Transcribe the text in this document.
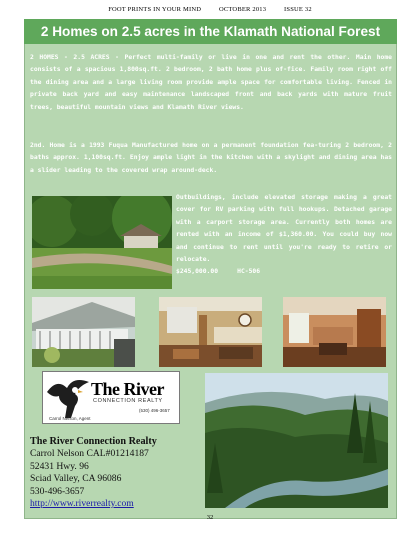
FOOT PRINTS IN YOUR MIND	OCTOBER 2013	ISSUE 32
2 Homes on 2.5 acres in the Klamath National Forest

2 HOMES - 2.5 ACRES - Perfect multi-family or live in one and rent the other. Main home consists of a spacious 1,800sq.ft. 2 bedroom, 2 bath home plus of-fice. Family room right off the dining area and a large living room provide ample space for comfortable living. Fenced in private back yard and easy maintenance landscaped front and back yards with mature fruit trees, beautiful mountain views and Klamath River views.

2nd. Home is a 1993 Fuqua Manufactured home on a permanent foundation fea-turing 2 bedroom, 2 baths approx. 1,100sq.ft. Enjoy ample light in the kitchen with a skylight and dining area has a slider leading to the covered wrap around-deck.

Outbuildings, include elevated storage making a great cover for RV parking with full hookups. Detached garage with a carport storage area. Currently both homes are rented with an income of $1,360.00. You could buy now and continue to rent until you're ready to retire or relocate.
$245,000.00	HC-506

The River
CONNECTION REALTY
Carrol Nelson, Agent
(530) 496-3657
The River Connection Realty
Carrol Nelson CAL#01214187
52431 Hwy. 96
Sciad Valley, CA 96086
530-496-3657
http://www.riverrealty.com
32
